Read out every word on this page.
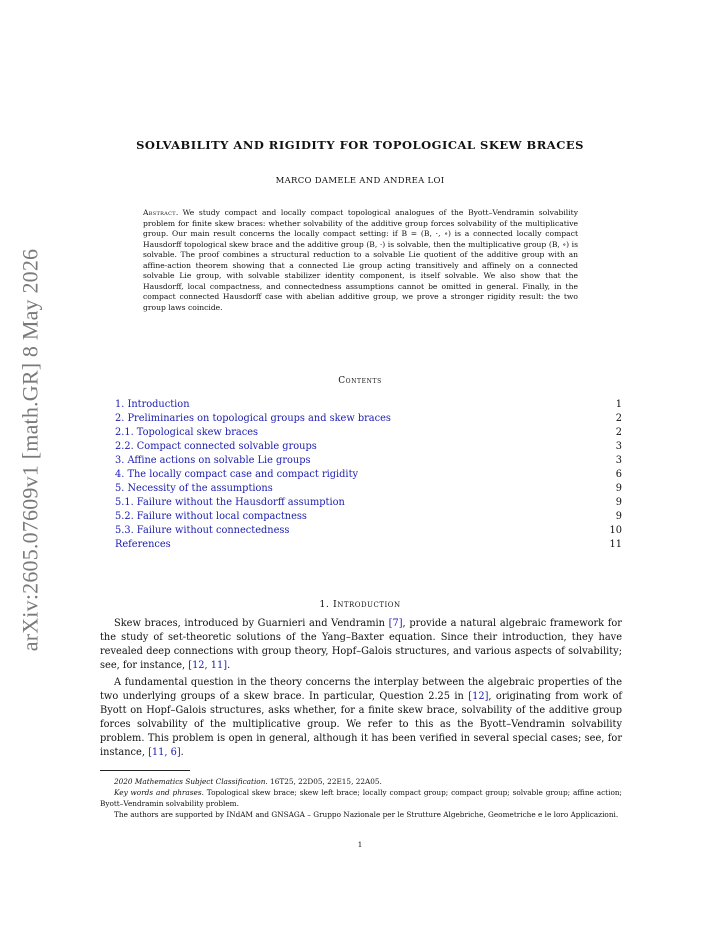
arXiv:2605.07609v1 [math.GR] 8 May 2026
SOLVABILITY AND RIGIDITY FOR TOPOLOGICAL SKEW BRACES
MARCO DAMELE AND ANDREA LOI
Abstract. We study compact and locally compact topological analogues of the Byott–Vendramin solvability problem for finite skew braces: whether solvability of the additive group forces solvability of the multiplicative group. Our main result concerns the locally compact setting: if B = (B, ·, ∘) is a connected locally compact Hausdorff topological skew brace and the additive group (B, ·) is solvable, then the multiplicative group (B, ∘) is solvable. The proof combines a structural reduction to a solvable Lie quotient of the additive group with an affine-action theorem showing that a connected Lie group acting transitively and affinely on a connected solvable Lie group, with solvable stabilizer identity component, is itself solvable. We also show that the Hausdorff, local compactness, and connectedness assumptions cannot be omitted in general. Finally, in the compact connected Hausdorff case with abelian additive group, we prove a stronger rigidity result: the two group laws coincide.
Contents
1. Introduction	1
2. Preliminaries on topological groups and skew braces	2
2.1. Topological skew braces	2
2.2. Compact connected solvable groups	3
3. Affine actions on solvable Lie groups	3
4. The locally compact case and compact rigidity	6
5. Necessity of the assumptions	9
5.1. Failure without the Hausdorff assumption	9
5.2. Failure without local compactness	9
5.3. Failure without connectedness	10
References	11
1. Introduction
Skew braces, introduced by Guarnieri and Vendramin [7], provide a natural algebraic framework for the study of set-theoretic solutions of the Yang–Baxter equation. Since their introduction, they have revealed deep connections with group theory, Hopf–Galois structures, and various aspects of solvability; see, for instance, [12, 11].
A fundamental question in the theory concerns the interplay between the algebraic properties of the two underlying groups of a skew brace. In particular, Question 2.25 in [12], originating from work of Byott on Hopf–Galois structures, asks whether, for a finite skew brace, solvability of the additive group forces solvability of the multiplicative group. We refer to this as the Byott–Vendramin solvability problem. This problem is open in general, although it has been verified in several special cases; see, for instance, [11, 6].
2020 Mathematics Subject Classification. 16T25, 22D05, 22E15, 22A05.
Key words and phrases. Topological skew brace; skew left brace; locally compact group; compact group; solvable group; affine action; Byott–Vendramin solvability problem.
The authors are supported by INdAM and GNSAGA – Gruppo Nazionale per le Strutture Algebriche, Geometriche e le loro Applicazioni.
1
